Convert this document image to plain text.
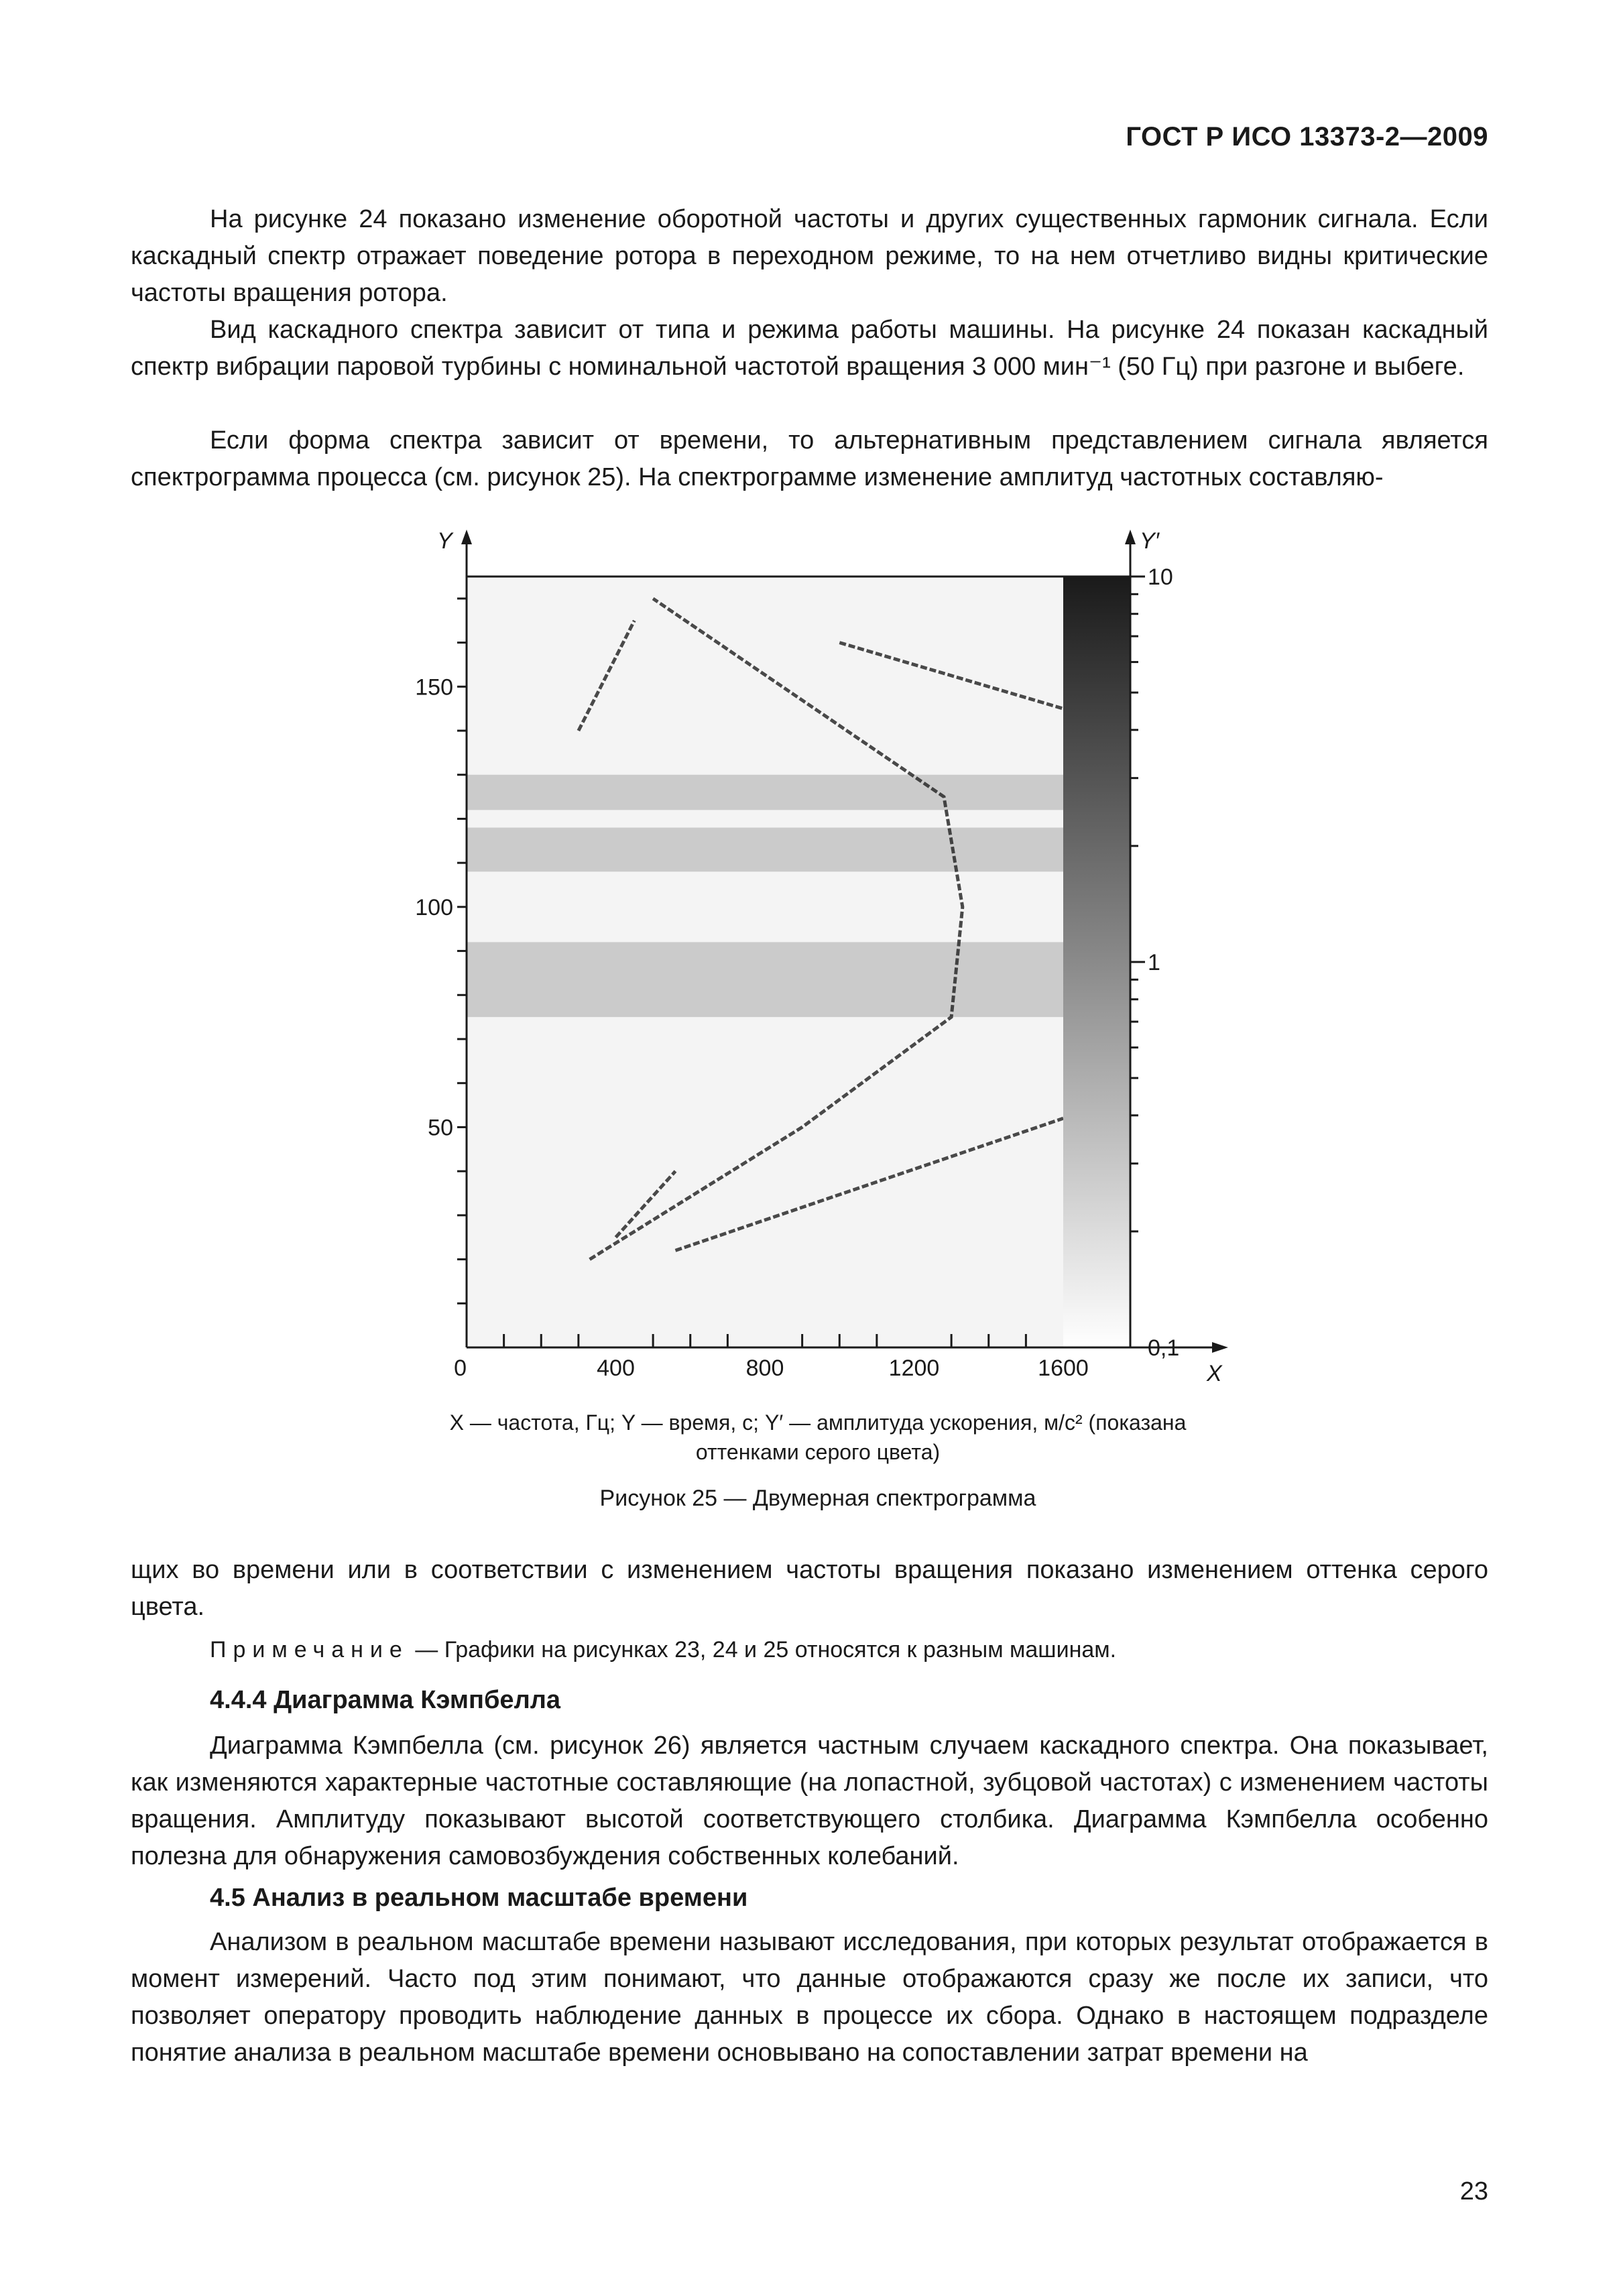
ГОСТ Р ИСО 13373-2—2009

На рисунке 24 показано изменение оборотной частоты и других существенных гармоник сигнала. Если каскадный спектр отражает поведение ротора в переходном режиме, то на нем отчетливо видны критические частоты вращения ротора.

Вид каскадного спектра зависит от типа и режима работы машины. На рисунке 24 показан каскадный спектр вибрации паровой турбины с номинальной частотой вращения 3 000 мин⁻¹ (50 Гц) при разгоне и выбеге.

Если форма спектра зависит от времени, то альтернативным представлением сигнала является спектрограмма процесса (см. рисунок 25). На спектрограмме изменение амплитуд частотных составляю-

0	400	800	1200	1600
50
100
150
10
1
0,1
Y	Y′
X
X — частота, Гц; Y — время, с; Y′ — амплитуда ускорения, м/с² (показана
оттенками серого цвета)
Рисунок 25 — Двумерная спектрограмма

щих во времени или в соответствии с изменением частоты вращения показано изменением оттенка серого цвета.

Примечание — Графики на рисунках 23, 24 и 25 относятся к разным машинам.
4.4.4 Диаграмма Кэмпбелла

Диаграмма Кэмпбелла (см. рисунок 26) является частным случаем каскадного спектра. Она показывает, как изменяются характерные частотные составляющие (на лопастной, зубцовой частотах) с изменением частоты вращения. Амплитуду показывают высотой соответствующего столбика. Диаграмма Кэмпбелла особенно полезна для обнаружения самовозбуждения собственных колебаний.

4.5 Анализ в реальном масштабе времени

Анализом в реальном масштабе времени называют исследования, при которых результат отображается в момент измерений. Часто под этим понимают, что данные отображаются сразу же после их записи, что позволяет оператору проводить наблюдение данных в процессе их сбора. Однако в настоящем подразделе понятие анализа в реальном масштабе времени основывано на сопоставлении затрат времени на

23
